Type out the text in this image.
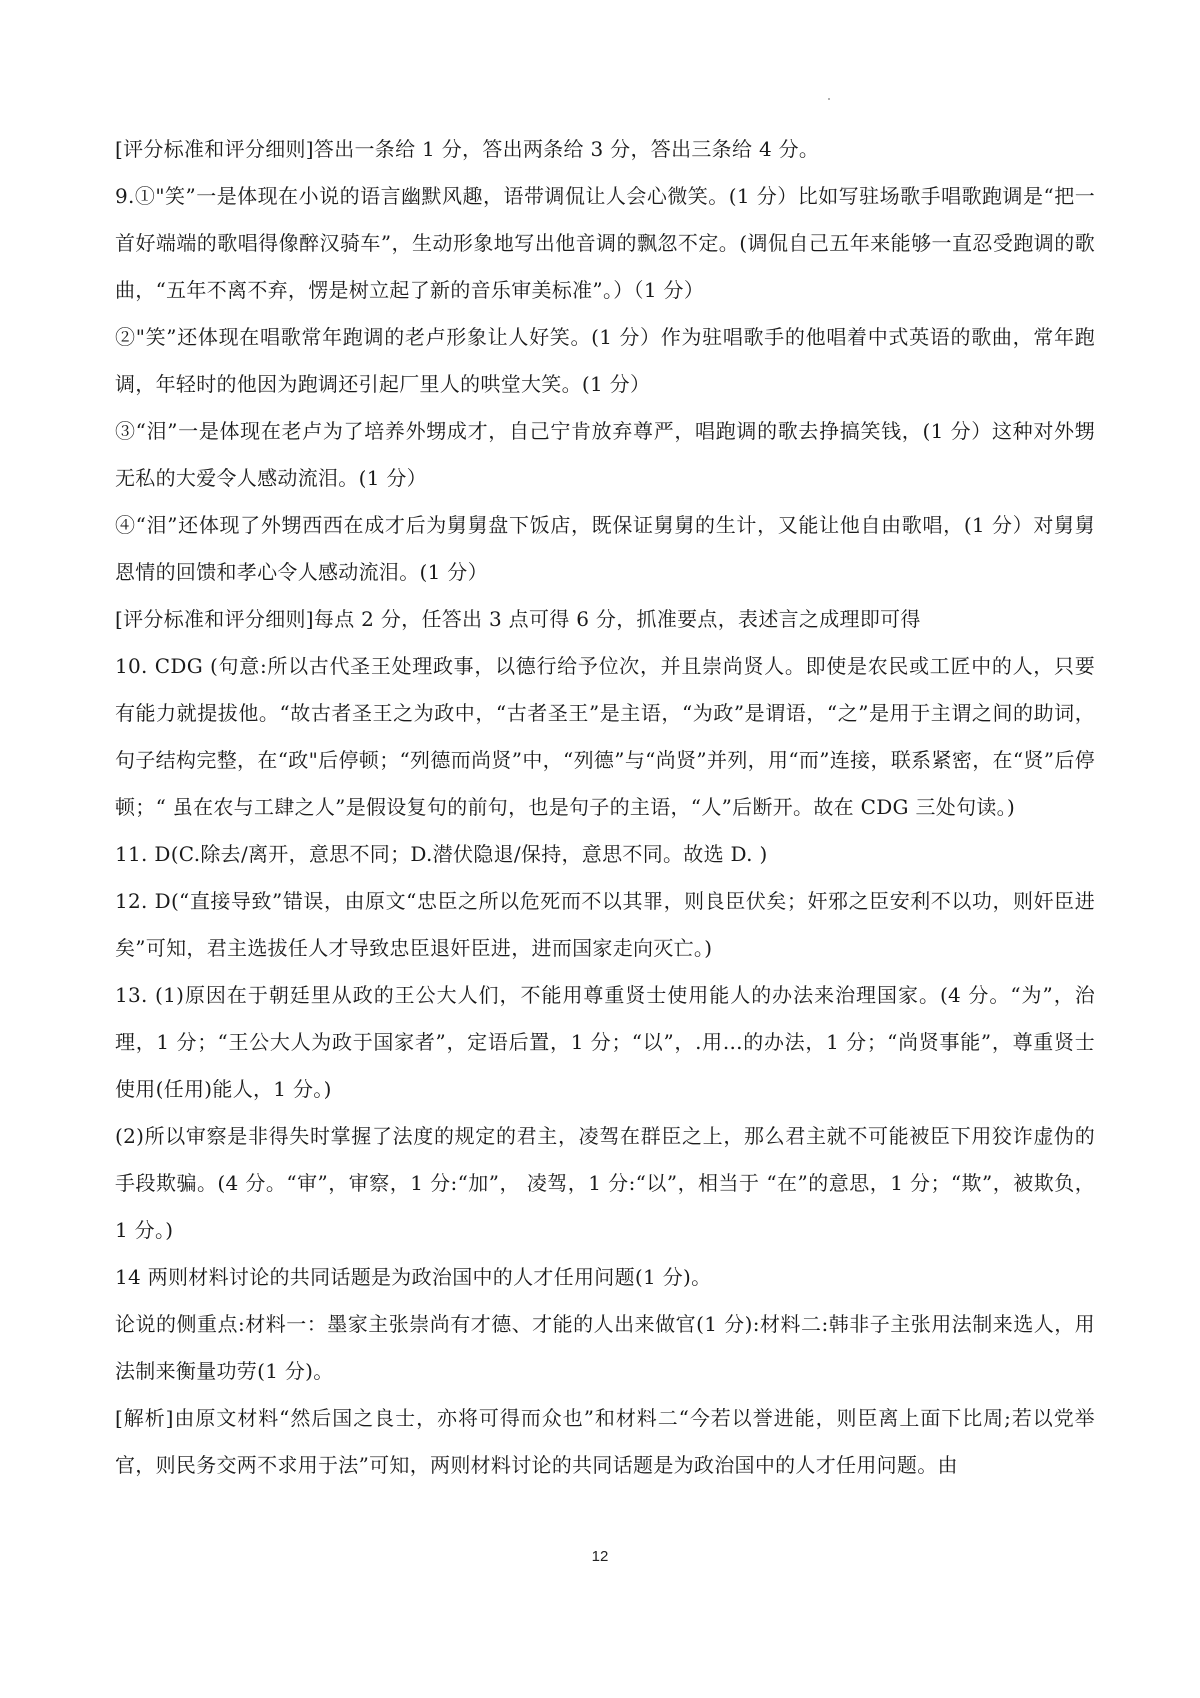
[评分标准和评分细则]答出一条给 1 分，答出两条给 3 分，答出三条给 4 分。

9.①"笑”一是体现在小说的语言幽默风趣，语带调侃让人会心微笑。(1 分）比如写驻场歌手唱歌跑调是“把一首好端端的歌唱得像醉汉骑车”，生动形象地写出他音调的飘忽不定。(调侃自己五年来能够一直忍受跑调的歌曲，“五年不离不弃，愣是树立起了新的音乐审美标准”。）（1 分）

②"笑”还体现在唱歌常年跑调的老卢形象让人好笑。(1 分）作为驻唱歌手的他唱着中式英语的歌曲，常年跑调，年轻时的他因为跑调还引起厂里人的哄堂大笑。(1 分）

③“泪”一是体现在老卢为了培养外甥成才，自己宁肯放弃尊严，唱跑调的歌去挣搞笑钱，(1 分）这种对外甥无私的大爱令人感动流泪。(1 分）

④“泪”还体现了外甥西西在成才后为舅舅盘下饭店，既保证舅舅的生计，又能让他自由歌唱，(1 分）对舅舅恩情的回馈和孝心令人感动流泪。(1 分）

[评分标准和评分细则]每点 2 分，任答出 3 点可得 6 分，抓准要点，表述言之成理即可得

10. CDG (句意:所以古代圣王处理政事，以德行给予位次，并且崇尚贤人。即使是农民或工匠中的人，只要有能力就提拔他。“故古者圣王之为政中，“古者圣王”是主语，“为政”是谓语，“之”是用于主谓之间的助词，句子结构完整，在“政"后停顿；“列德而尚贤”中，“列德”与“尚贤”并列，用“而”连接，联系紧密，在“贤”后停顿；“ 虽在农与工肆之人”是假设复句的前句，也是句子的主语，“人”后断开。故在 CDG 三处句读。)

11. D(C.除去/离开，意思不同；D.潜伏隐退/保持，意思不同。故选 D. )

12. D(“直接导致”错误，由原文“忠臣之所以危死而不以其罪，则良臣伏矣；奸邪之臣安利不以功，则奸臣进矣”可知，君主选拔任人才导致忠臣退奸臣进，进而国家走向灭亡。)

13. (1)原因在于朝廷里从政的王公大人们，不能用尊重贤士使用能人的办法来治理国家。(4 分。“为”，治理，1 分；“王公大人为政于国家者”，定语后置，1 分；“以”，.用...的办法，1 分；“尚贤事能”，尊重贤士使用(任用)能人，1 分。)

(2)所以审察是非得失时掌握了法度的规定的君主，凌驾在群臣之上，那么君主就不可能被臣下用狡诈虚伪的手段欺骗。(4 分。“审”，审察，1 分:“加”， 凌驾，1 分:“以”，相当于 “在”的意思，1 分；“欺”，被欺负，1 分。)

14 两则材料讨论的共同话题是为政治国中的人才任用问题(1 分)。

论说的侧重点:材料一：墨家主张崇尚有才德、才能的人出来做官(1 分):材料二:韩非子主张用法制来选人，用法制来衡量功劳(1 分)。

[解析]由原文材料“然后国之良士，亦将可得而众也”和材料二“今若以誉进能，则臣离上面下比周;若以党举官，则民务交两不求用于法”可知，两则材料讨论的共同话题是为政治国中的人才任用问题。由

12
